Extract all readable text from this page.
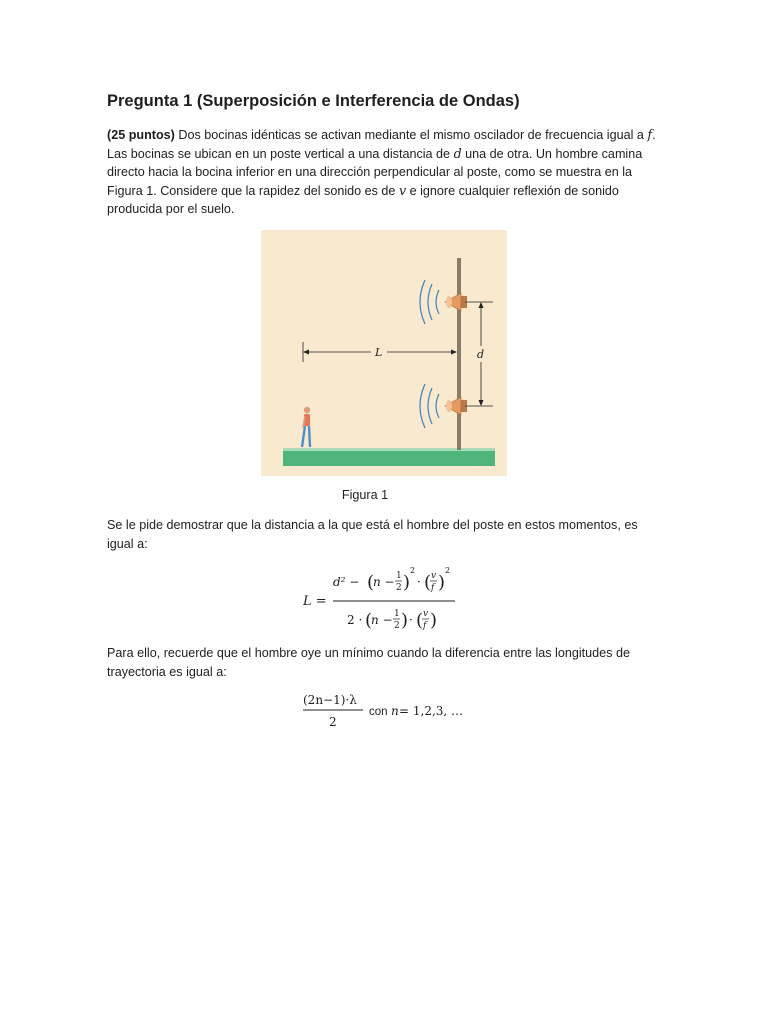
Pregunta 1 (Superposición e Interferencia de Ondas)
(25 puntos) Dos bocinas idénticas se activan mediante el mismo oscilador de frecuencia igual a f.
Las bocinas se ubican en un poste vertical a una distancia de d una de otra. Un hombre camina directo hacia la bocina inferior en una dirección perpendicular al poste, como se muestra en la Figura 1. Considere que la rapidez del sonido es de v e ignore cualquier reflexión de sonido producida por el suelo.
d
L
Figura 1
Se le pide demostrar que la distancia a la que está el hombre del poste en estos momentos, es igual a:
L =
d² − (
n − 1
2 )
2
· ( v
f )
2
2 · (
n − 1
2 ) · ( v
f )
Para ello, recuerde que el hombre oye un mínimo cuando la diferencia entre las longitudes de trayectoria es igual a:
(2n−1)·λ
2
con n = 1,2,3, …
